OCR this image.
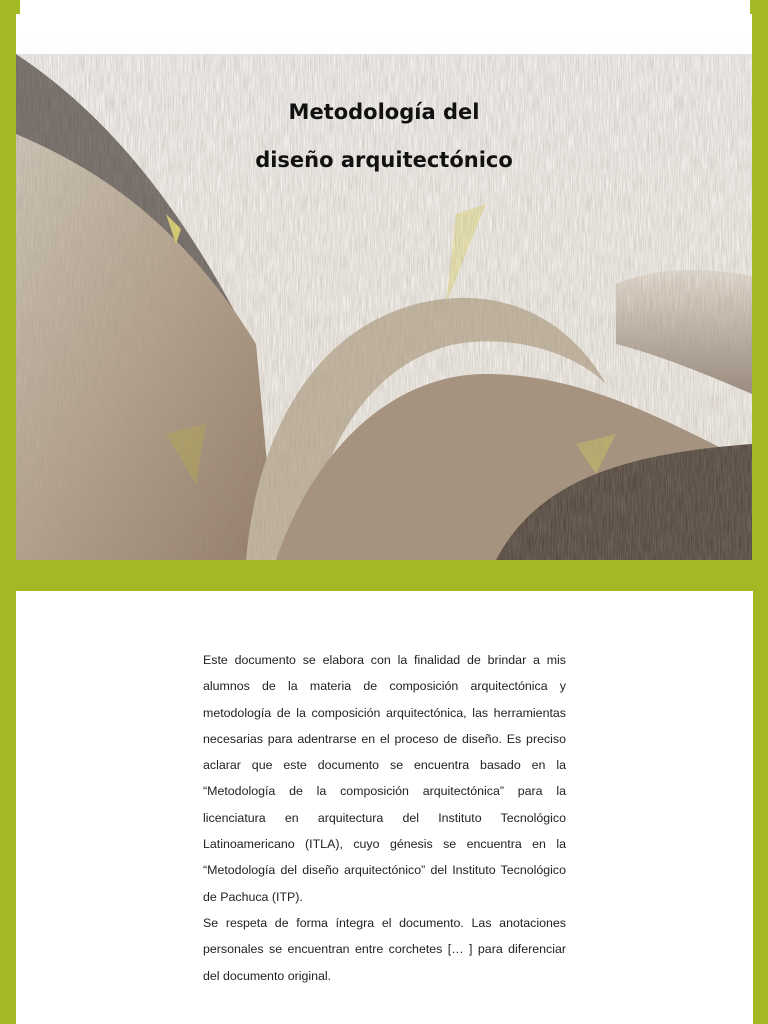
Metodología del
diseño arquitectónico

Este documento se elabora con la finalidad de brindar a mis alumnos de la materia de composición arquitectónica y metodología de la composición arquitectónica, las herramientas necesarias para adentrarse en el proceso de diseño. Es preciso aclarar que este documento se encuentra basado en la “Metodología de la composición arquitectónica” para la licenciatura en arquitectura del Instituto Tecnológico Latinoamericano (ITLA), cuyo génesis se encuentra en la “Metodología del diseño arquitectónico” del Instituto Tecnológico de Pachuca (ITP).

Se respeta de forma íntegra el documento. Las anotaciones personales se encuentran entre corchetes [… ] para diferenciar del documento original.
